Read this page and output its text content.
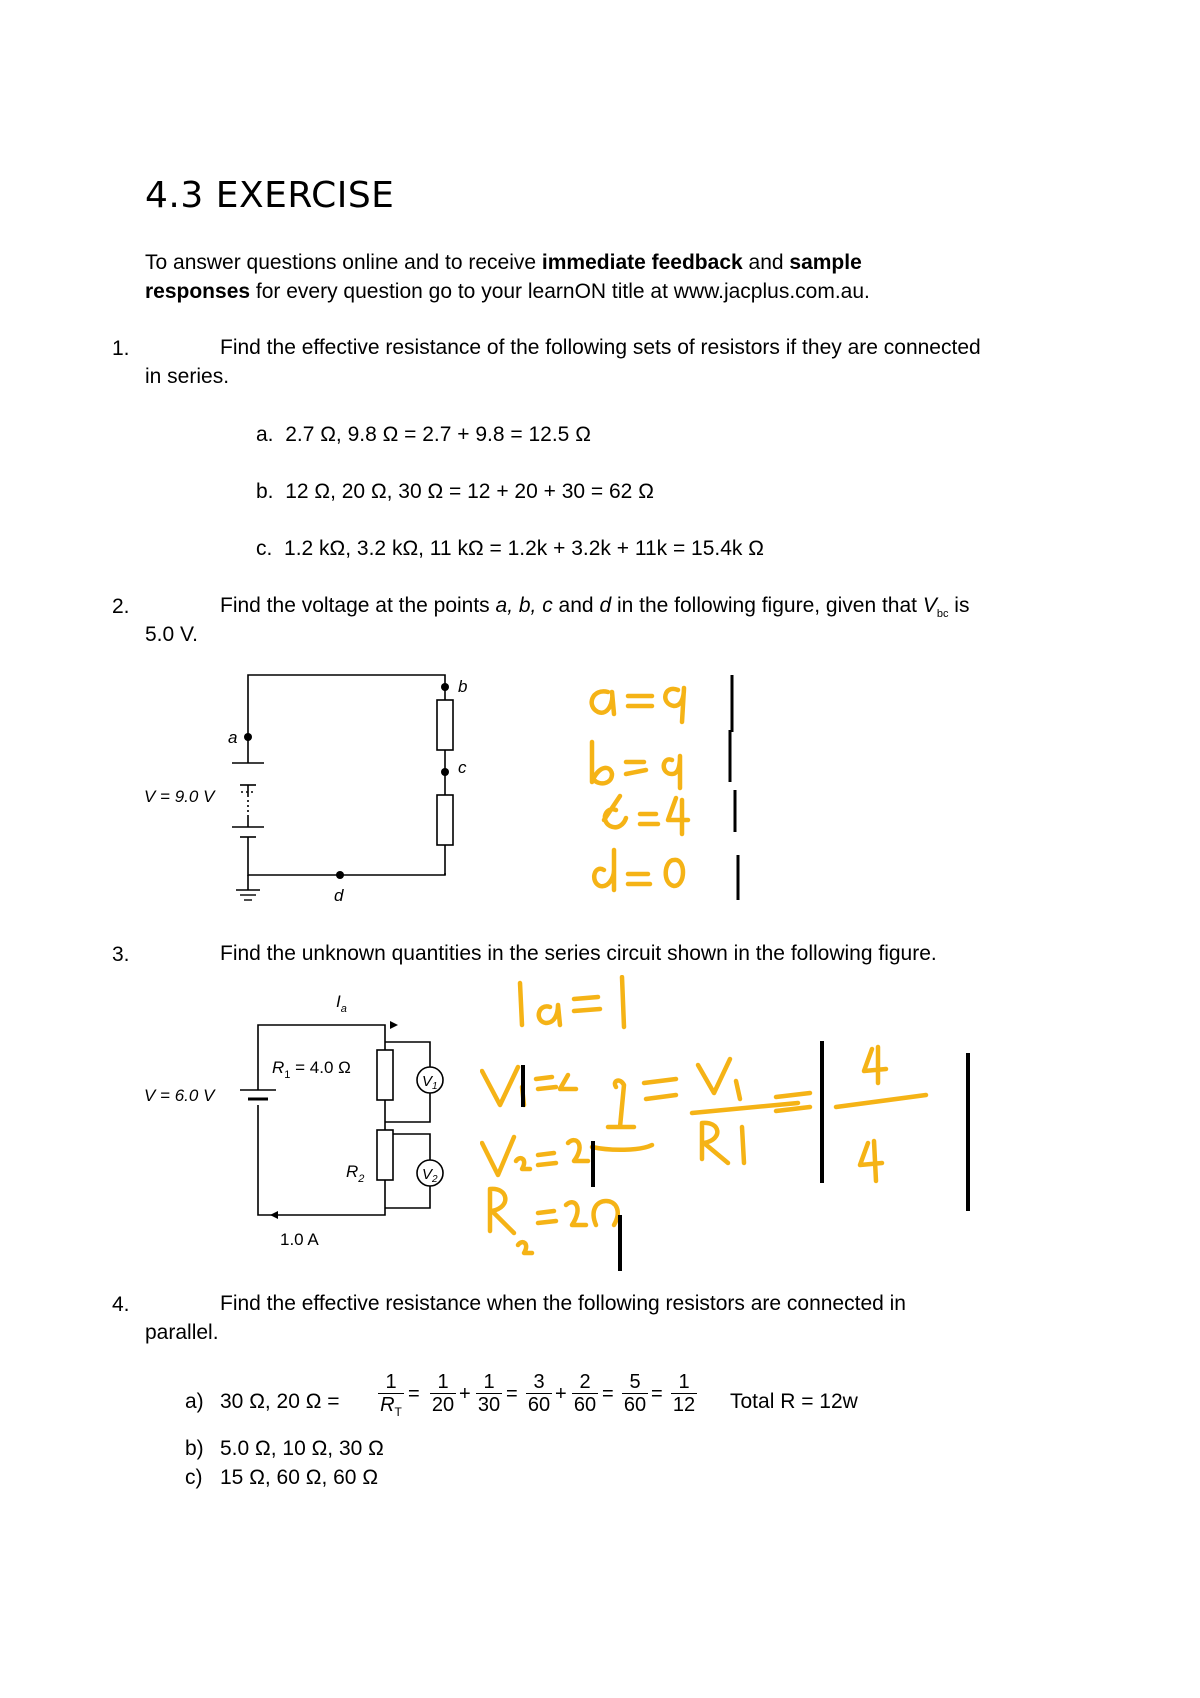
4.3 EXERCISE
To answer questions online and to receive immediate feedback and sample
responses for every question go to your learnON title at www.jacplus.com.au.
1.	Find the effective resistance of the following sets of resistors if they are connected
in series.
a. 2.7 Ω, 9.8 Ω = 2.7 + 9.8 = 12.5 Ω
b. 12 Ω, 20 Ω, 30 Ω = 12 + 20 + 30 = 62 Ω
c. 1.2 kΩ, 3.2 kΩ, 11 kΩ = 1.2k + 3.2k + 11k = 15.4k Ω
2.	Find the voltage at the points a, b, c and d in the following figure, given that $V_{bc}$ is
5.0 V.
a
b
c
d
V = 9.0 V
3.	Find the unknown quantities in the series circuit shown in the following figure.
$V_1$
$V_2$
$I_a$
$R_1 = 4.0$ Ω
$R_2$
V = 6.0 V
1.0 A
4.	Find the effective resistance when the following resistors are connected in
parallel.
a) 30 Ω, 20 Ω =
1
$R_T$
=
1
20 +
1
30 =
3
60 +
2
60 =
5
60 =
1
12 Total R = 12w
b) 5.0 Ω, 10 Ω, 30 Ω
c) 15 Ω, 60 Ω, 60 Ω
